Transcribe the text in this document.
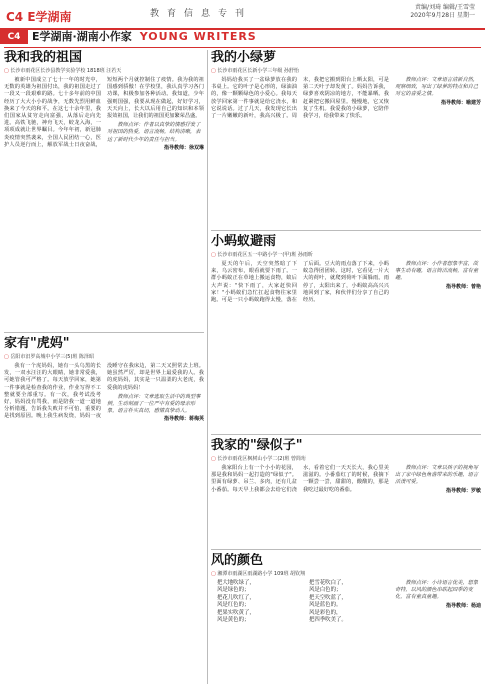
C4 E学湖南	教育信息专刊
责编/刘琦 编辑/王雪莹
2020年9月28日 星期一
C4	E学湖南·湖南小作家 YOUNG WRITERS
我和我的祖国
▢ 长沙市雨花区长沙县教学实验学校 1818班 汪若天

被新中国成立了七十一年的时光中，无数的英雄为祖国付出，我的祖国走过了一段又一段艰难的路。七十多年前的中国经历了大大小小的战争，无数先烈用鲜血换来了今天的和平。在这七十余年里，我们国家从贫穷走向富强，从落后走向先进。高铁飞驰，神舟飞天，蛟龙入海，一项项成就让世界瞩目。今年年初，新冠肺炎疫情突然袭来，全国人民团结一心，医护人员逆行而上，解放军战士日夜奋战，短短两个月就控制住了疫情。我为我的祖国感到骄傲！在学校里，我认真学习各门功课，积极参加各种活动。我知道，少年强则国强，我要从现在做起，好好学习，天天向上，长大以后用自己的知识和本领报效祖国，让我们的祖国更加繁荣昌盛。

教师点评：作者以真挚的情感抒发了对祖国的热爱，语言流畅，结构清晰，表达了新时代少年的责任与担当。

指导教师：徐双琳

家有"虎妈"
▢ 岳阳市汨罗高城中小学三(5)班 陈泽昭

我有一个虎妈妈，她有一头乌黑的长发，一双水汪汪的大眼睛，她非常爱我，可她管我可严格了。每天放学回家，她第一件事就是检查我的作业，作业写得不工整就要全部重写。有一次，我考试没考好，妈妈没有骂我，而是陪我一道一道地分析错题，告诉我失败并不可怕，重要的是找到原因。晚上我生病发烧，妈妈一夜没睡守在我床边，第二天又照常去上班。她虽然严厉，却是世界上最爱我的人。我的虎妈妈，其实是一只温柔的大老虎，我爱我的虎妈妈！

教师点评：文章选取生活中的典型事例，生动刻画了一位严中有爱的母亲形象，语言朴实真切，感情真挚动人。

指导教师：蒋梅英

我的小绿萝
▢ 长沙市雨花区长新小学三年级 孙舒怡

妈妈给我买了一盆绿萝放在我的书桌上。它的叶子是心形的，绿油油的，像一颗颗绿色的小爱心。我每天放学回家第一件事就是给它浇水，和它说说话。过了几天，我发现它长出了一片嫩嫩的新叶，我高兴极了。周末，我把它搬到阳台上晒太阳，可是第二天叶子却发黄了。妈妈告诉我，绿萝喜欢阴凉的地方，不能暴晒。我赶紧把它搬回屋里。慢慢地，它又恢复了生机。我爱我的小绿萝，它陪伴我学习，给我带来了快乐。

教师点评：文章语言清新自然，观察细致，写出了绿萝的特点和自己对它的喜爱之情。

指导教师：喻建芳

小蚂蚁避雨
▢ 长沙市雨花区五一中路小学一(甲)班 孙雨昕

夏天的午后，天空突然暗了下来，乌云密布，眼看就要下雨了。一群小蚂蚁正在草地上搬运食物，蚁后大声说："快下雨了，大家赶快回家！"小蚂蚁们急忙扛起食物往家里跑。可是一只小蚂蚁跑得太慢，落在了后面。豆大的雨点落了下来，小蚂蚁急得团团转。这时，它看见一片大大的荷叶，就爬到荷叶下面躲雨。雨停了，太阳出来了，小蚂蚁高高兴兴地回到了家，和伙伴们分享了自己的经历。

教师点评：小作者想象丰富，故事生动有趣，语言简洁流畅，富有童趣。

指导教师：曾艳

我家的"绿似子"
▢ 长沙市雨花区枫树山小学二(2)班 曾简珩

我家阳台上有一个小小的花园，那是我和妈妈一起打造的"绿似子"。里面有绿萝、吊兰、多肉，还有几盆小番茄。每天早上我都会去给它们浇水，看着它们一天天长大，我心里美滋滋的。小番茄红了的时候，我摘下一颗尝一尝，甜甜的，酸酸的，那是我吃过最好吃的番茄。

教师点评：文章以孩子的视角写出了家中绿色角落带来的乐趣，语言活泼可爱。

指导教师：罗敏

风的颜色
▢ 湘潭市雨湖区雨湖路小学 109班 胡钦翔
把大地吹绿了，
风是绿色的；
把花儿吹红了，
风是红色的；
把果实吹黄了，
风是黄色的；
把雪花吹白了，
风是白色的；
把天空吹蓝了，
风是蓝色的。
风是彩色的，
把四季吹美了。

教师点评：小诗语言优美，想象奇特，以风的颜色串联起四季的变化，富有童真童趣。

指导教师：杨迪
